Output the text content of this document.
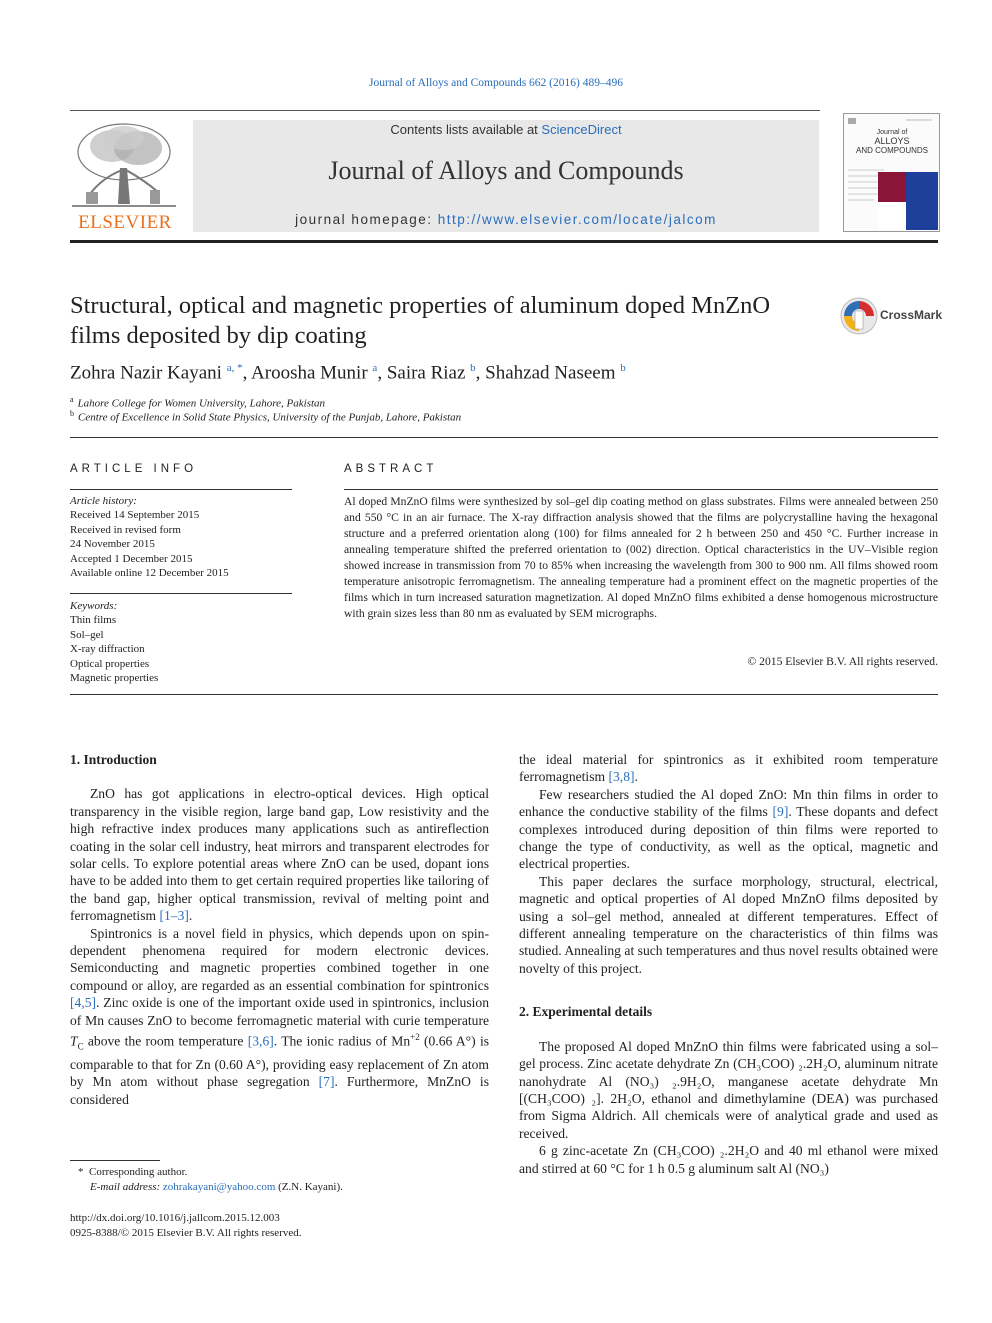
Journal of Alloys and Compounds 662 (2016) 489–496
ELSEVIER
Contents lists available at ScienceDirect
Journal of Alloys and Compounds
journal homepage: http://www.elsevier.com/locate/jalcom
Journal of
ALLOYS
AND COMPOUNDS
Structural, optical and magnetic properties of aluminum doped MnZnO films deposited by dip coating
CrossMark
Zohra Nazir Kayani $^{a, *}$, Aroosha Munir $^a$, Saira Riaz $^b$, Shahzad Naseem $^b$
$^a$ Lahore College for Women University, Lahore, Pakistan
$^b$ Centre of Excellence in Solid State Physics, University of the Punjab, Lahore, Pakistan
ARTICLE INFO
Article history:
Received 14 September 2015
Received in revised form
24 November 2015
Accepted 1 December 2015
Available online 12 December 2015
Keywords:
Thin films
Sol–gel
X-ray diffraction
Optical properties
Magnetic properties
ABSTRACT
Al doped MnZnO films were synthesized by sol–gel dip coating method on glass substrates. Films were annealed between 250 and 550 °C in an air furnace. The X-ray diffraction analysis showed that the films are polycrystalline having the hexagonal structure and a preferred orientation along (100) for films annealed for 2 h between 250 and 450 °C. Further increase in annealing temperature shifted the preferred orientation to (002) direction. Optical characteristics in the UV–Visible region showed increase in transmission from 70 to 85% when increasing the wavelength from 300 to 900 nm. All films showed room temperature anisotropic ferromagnetism. The annealing temperature had a prominent effect on the magnetic properties of the films which in turn increased saturation magnetization. Al doped MnZnO films exhibited a dense homogenous microstructure with grain sizes less than 80 nm as evaluated by SEM micrographs.
© 2015 Elsevier B.V. All rights reserved.
1. Introduction

ZnO has got applications in electro-optical devices. High optical transparency in the visible region, large band gap, Low resistivity and the high refractive index produces many applications such as antireflection coating in the solar cell industry, heat mirrors and transparent electrodes for solar cells. To explore potential areas where ZnO can be used, dopant ions have to be added into them to get certain required properties like tailoring of the band gap, higher optical transmission, revival of melting point and ferromagnetism [1–3].

Spintronics is a novel field in physics, which depends upon on spin-dependent phenomena required for modern electronic devices. Semiconducting and magnetic properties combined together in one compound or alloy, are regarded as an essential combination for spintronics [4,5]. Zinc oxide is one of the important oxide used in spintronics, inclusion of Mn causes ZnO to become ferromagnetic material with curie temperature $T_C$ above the room temperature [3,6]. The ionic radius of $Mn^{+2}$ (0.66 A°) is comparable to that for Zn (0.60 A°), providing easy replacement of Zn atom by Mn atom without phase segregation [7]. Furthermore, MnZnO is considered

* Corresponding author.
E-mail address: zohrakayani@yahoo.com (Z.N. Kayani).
http://dx.doi.org/10.1016/j.jallcom.2015.12.003
0925-8388/© 2015 Elsevier B.V. All rights reserved.

the ideal material for spintronics as it exhibited room temperature ferromagnetism [3,8].

Few researchers studied the Al doped ZnO: Mn thin films in order to enhance the conductive stability of the films [9]. These dopants and defect complexes introduced during deposition of thin films were reported to change the type of conductivity, as well as the optical, magnetic and electrical properties.

This paper declares the surface morphology, structural, electrical, magnetic and optical properties of Al doped MnZnO films deposited by using a sol–gel method, annealed at different temperatures. Effect of different annealing temperature on the characteristics of thin films was studied. Annealing at such temperatures and thus novel results obtained were novelty of this project.

2. Experimental details

The proposed Al doped MnZnO thin films were fabricated using a sol–gel process. Zinc acetate dehydrate Zn (CH₃COO) ₂.2H₂O, aluminum nitrate nanohydrate Al (NO₃) ₂.9H₂O, manganese acetate dehydrate Mn [(CH₃COO) ₂]. 2H₂O, ethanol and dimethylamine (DEA) was purchased from Sigma Aldrich. All chemicals were of analytical grade and used as received.

6 g zinc-acetate Zn (CH₃COO) ₂.2H₂O and 40 ml ethanol were mixed and stirred at 60 °C for 1 h 0.5 g aluminum salt Al (NO₃)
